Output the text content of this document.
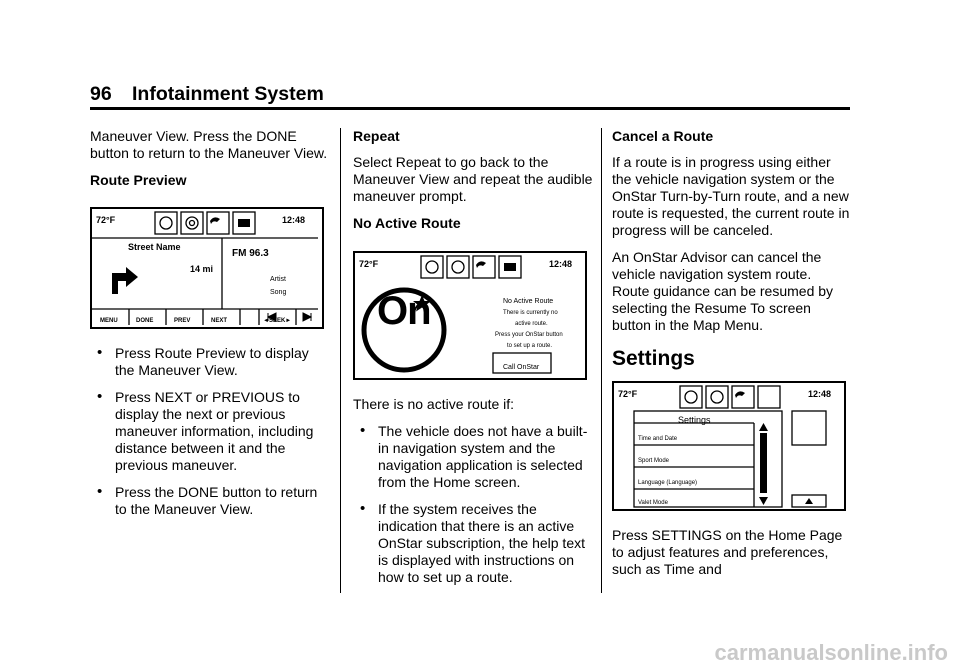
96 Infotainment System

Maneuver View. Press the DONE button to return to the Maneuver View.

Route Preview
72°F	12:48
Street Name
14 mi
FM 96.3
Artist
Song
MENU	DONE	PREV	NEXT	◄SEEK►
• Press Route Preview to display the Maneuver View.
• Press NEXT or PREVIOUS to display the next or previous maneuver information, including distance between it and the previous maneuver.
• Press the DONE button to return to the Maneuver View.
Repeat

Select Repeat to go back to the Maneuver View and repeat the audible maneuver prompt.

No Active Route
72°F	12:48
On	No Active Route
There is currently no
active route.
Press your OnStar button
to set up a route.
Call OnStar

There is no active route if:

• The vehicle does not have a built-in navigation system and the navigation application is selected from the Home screen.
• If the system receives the indication that there is an active OnStar subscription, the help text is displayed with instructions on how to set up a route.
Cancel a Route

If a route is in progress using either the vehicle navigation system or the OnStar Turn-by-Turn route, and a new route is requested, the current route in progress will be canceled.

An OnStar Advisor can cancel the vehicle navigation system route. Route guidance can be resumed by selecting the Resume To screen button in the Map Menu.

Settings
72°F	12:48
Settings
Time and Date
Sport Mode
Language (Language)
Valet Mode

Press SETTINGS on the Home Page to adjust features and preferences, such as Time and

carmanualsonline.info
